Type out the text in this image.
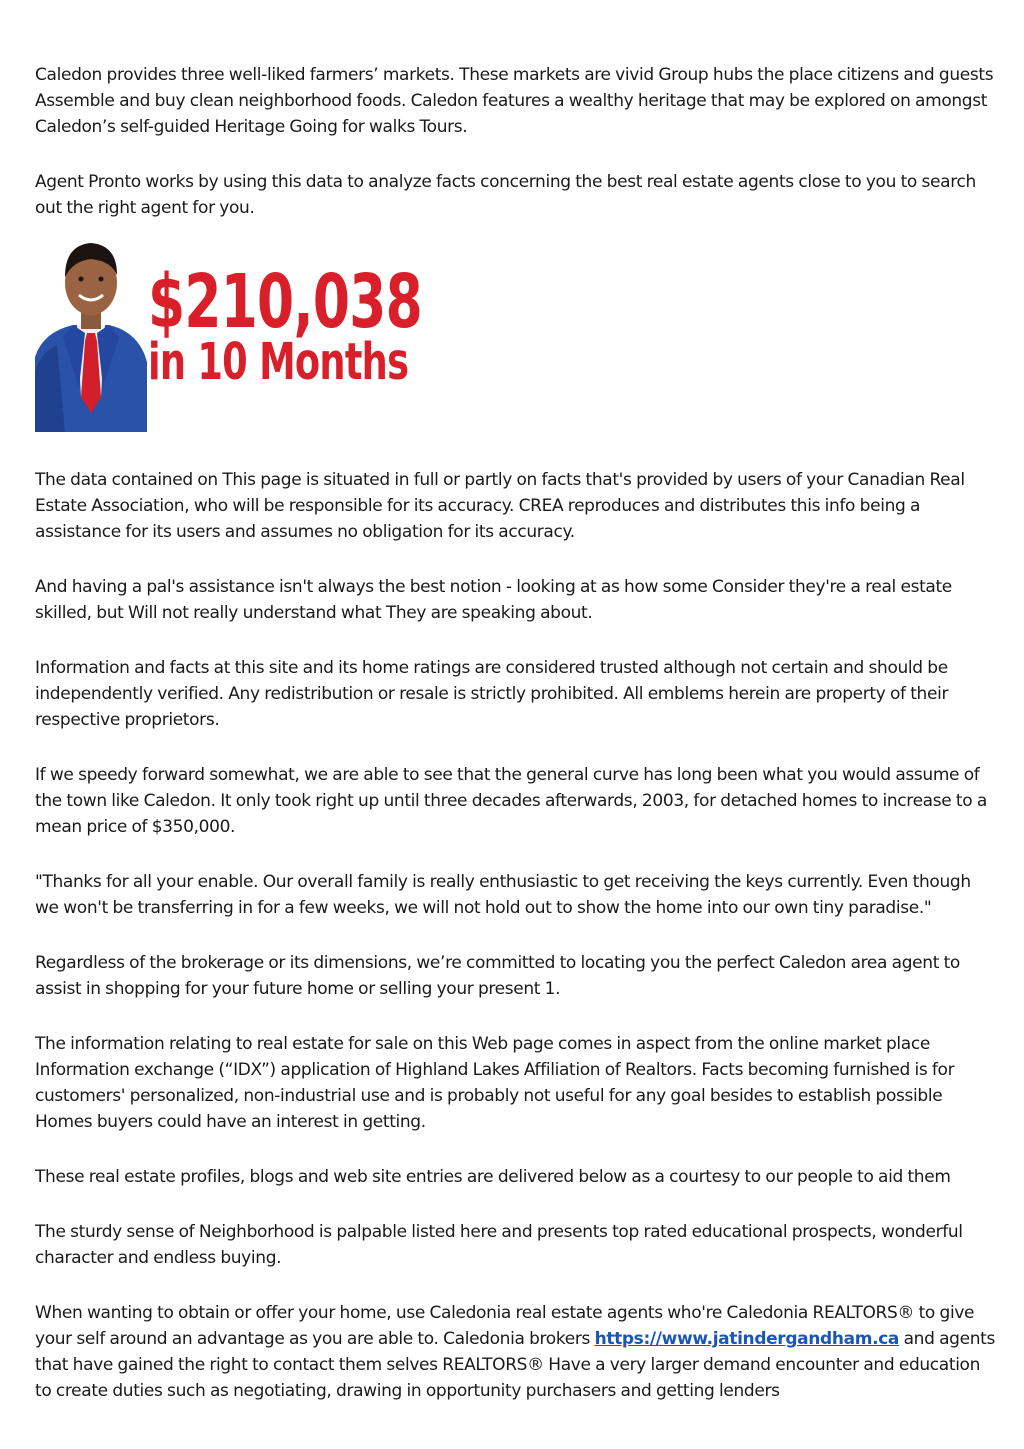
Caledon provides three well-liked farmers’ markets. These markets are vivid Group hubs the place citizens and guests Assemble and buy clean neighborhood foods. Caledon features a wealthy heritage that may be explored on amongst Caledon’s self-guided Heritage Going for walks Tours.

Agent Pronto works by using this data to analyze facts concerning the best real estate agents close to you to search out the right agent for you.

$210,038
in 10 Months

The data contained on This page is situated in full or partly on facts that's provided by users of your Canadian Real Estate Association, who will be responsible for its accuracy. CREA reproduces and distributes this info being a assistance for its users and assumes no obligation for its accuracy.

And having a pal's assistance isn't always the best notion - looking at as how some Consider they're a real estate skilled, but Will not really understand what They are speaking about.

Information and facts at this site and its home ratings are considered trusted although not certain and should be independently verified. Any redistribution or resale is strictly prohibited. All emblems herein are property of their respective proprietors.

If we speedy forward somewhat, we are able to see that the general curve has long been what you would assume of the town like Caledon. It only took right up until three decades afterwards, 2003, for detached homes to increase to a mean price of $350,000.

"Thanks for all your enable. Our overall family is really enthusiastic to get receiving the keys currently. Even though we won't be transferring in for a few weeks, we will not hold out to show the home into our own tiny paradise."

Regardless of the brokerage or its dimensions, we’re committed to locating you the perfect Caledon area agent to assist in shopping for your future home or selling your present 1.

The information relating to real estate for sale on this Web page comes in aspect from the online market place Information exchange (“IDX”) application of Highland Lakes Affiliation of Realtors. Facts becoming furnished is for customers' personalized, non-industrial use and is probably not useful for any goal besides to establish possible Homes buyers could have an interest in getting.

These real estate profiles, blogs and web site entries are delivered below as a courtesy to our people to aid them

The sturdy sense of Neighborhood is palpable listed here and presents top rated educational prospects, wonderful character and endless buying.

When wanting to obtain or offer your home, use Caledonia real estate agents who're Caledonia REALTORS® to give your self around an advantage as you are able to. Caledonia brokers https://www.jatindergandham.ca and agents that have gained the right to contact them selves REALTORS® Have a very larger demand encounter and education to create duties such as negotiating, drawing in opportunity purchasers and getting lenders
